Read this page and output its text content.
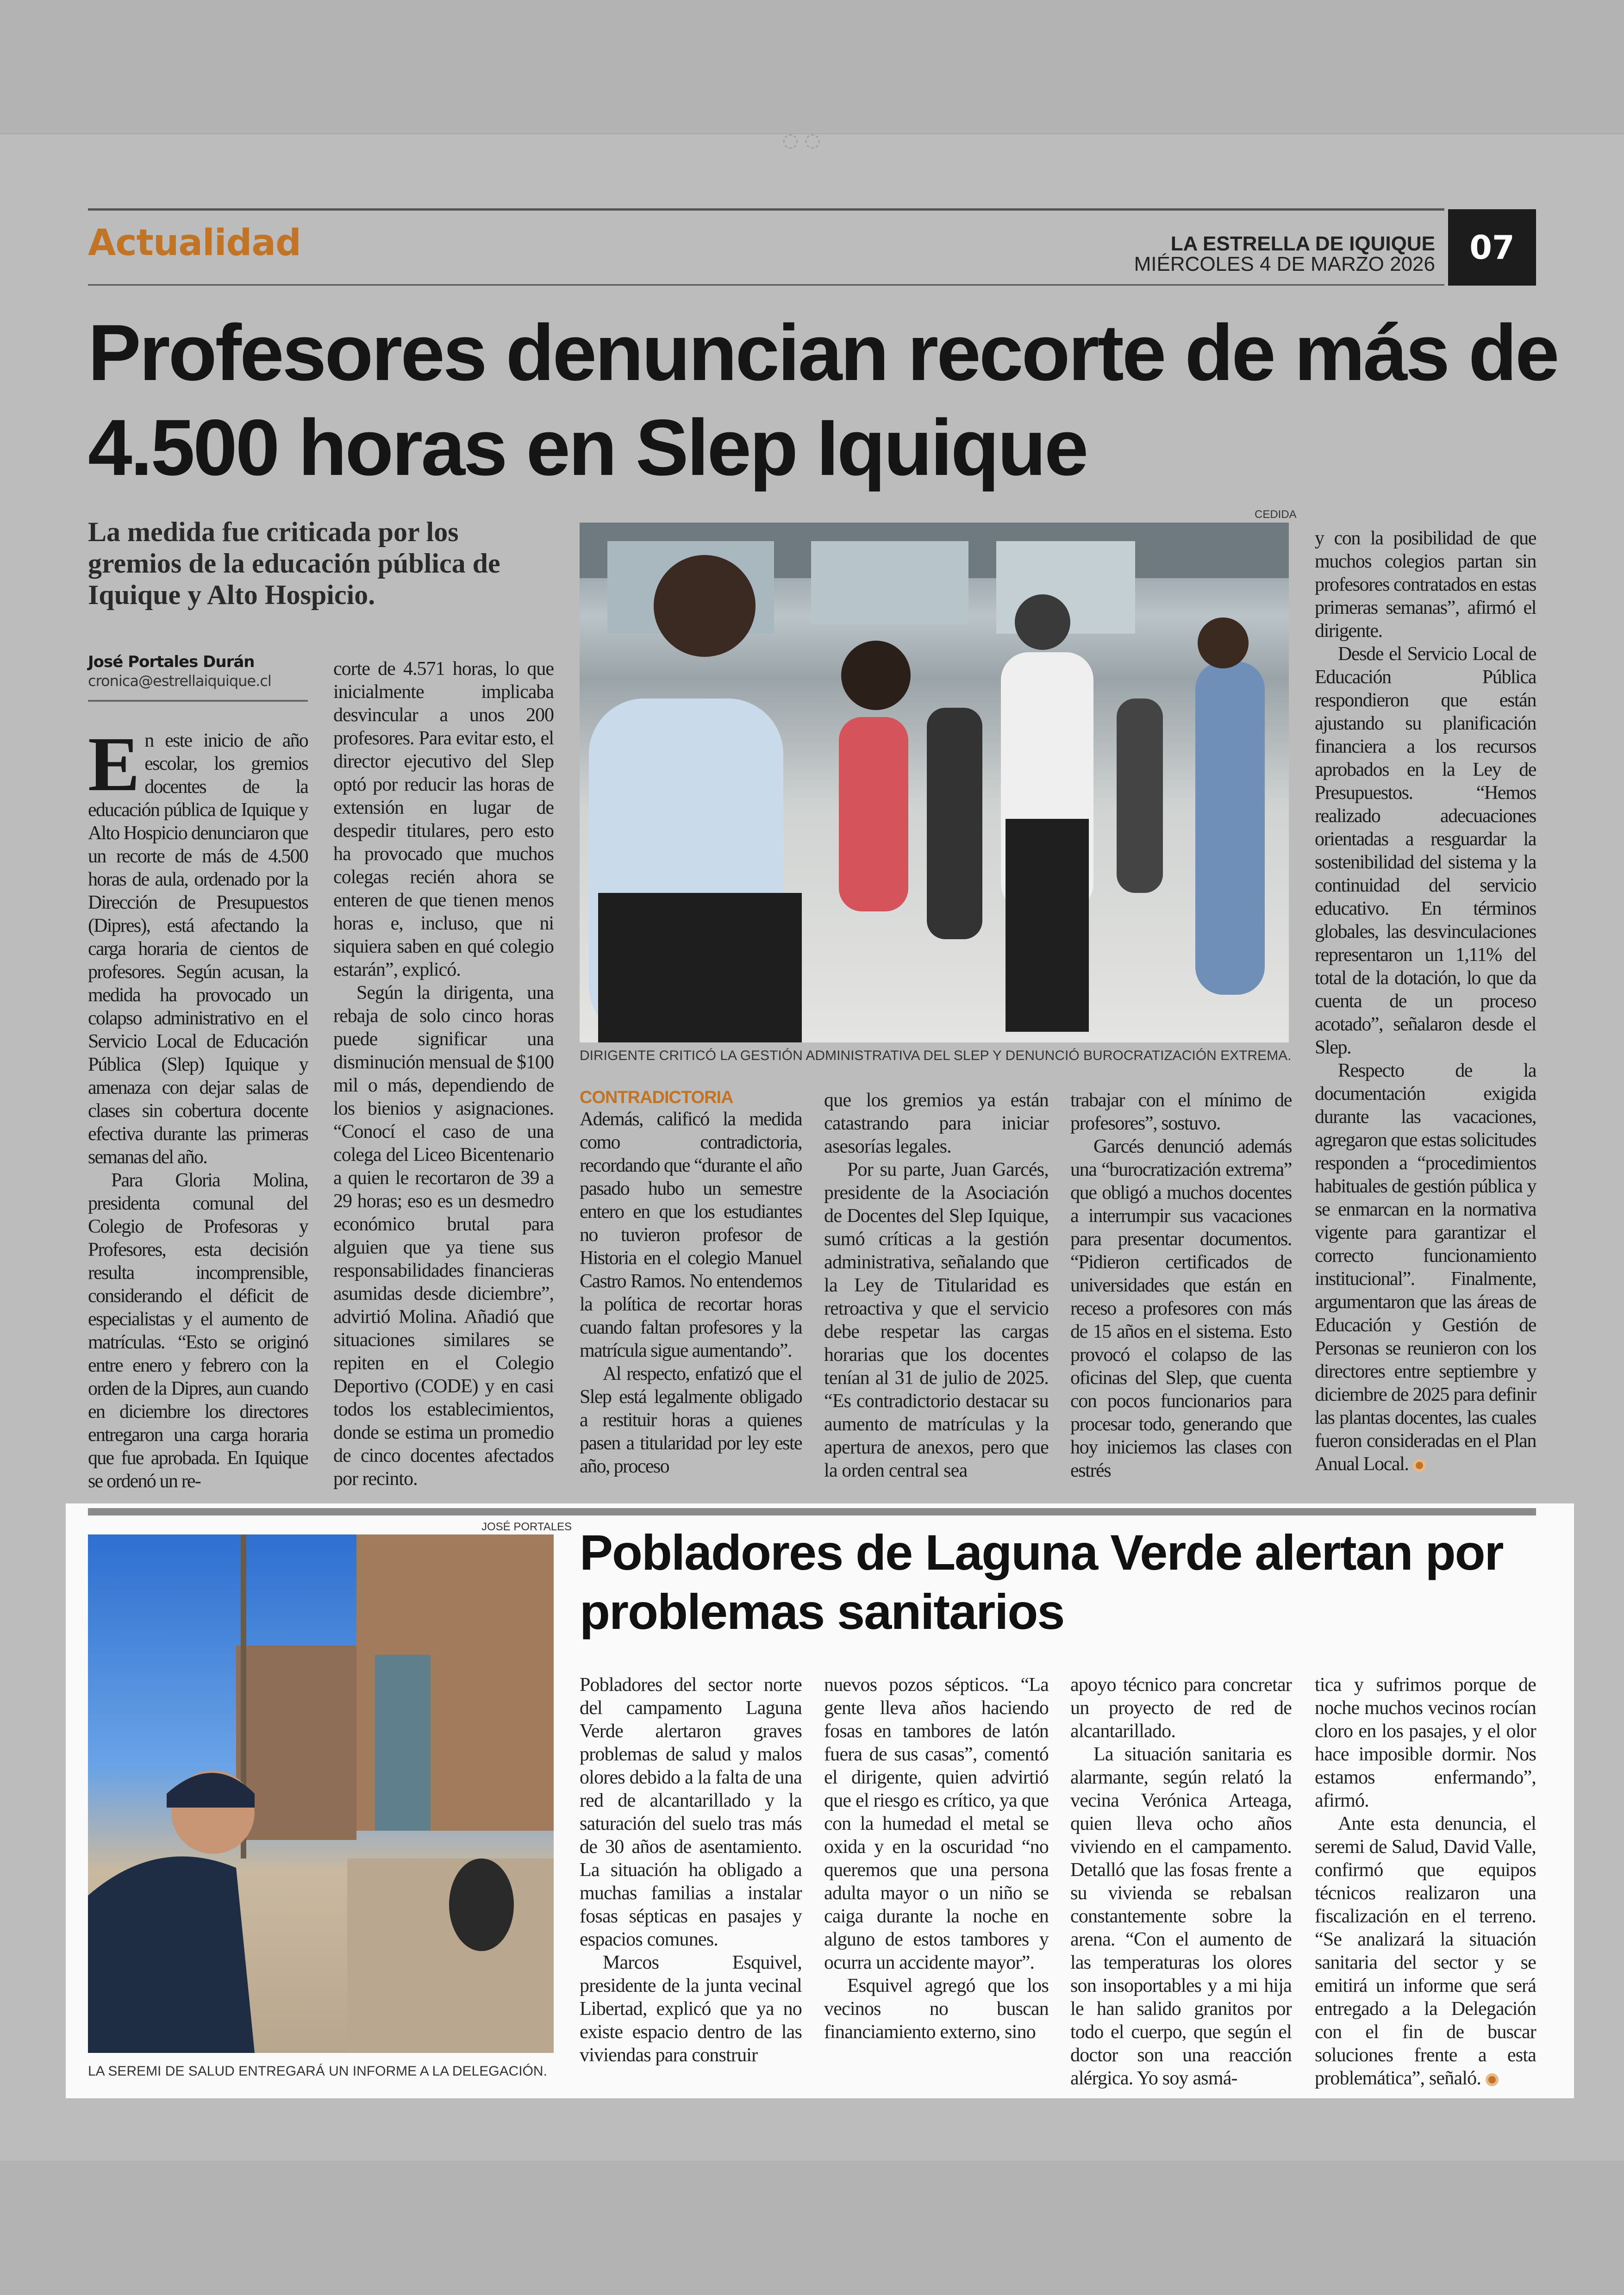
◌ ◌
Actualidad	LA ESTRELLA DE IQUIQUE
MIÉRCOLES 4 DE MARZO 2026	07
Profesores denuncian recorte de más de 4.500 horas en Slep Iquique
La medida fue criticada por los gremios de la educación pública de Iquique y Alto Hospicio.
José Portales Durán
cronica@estrellaiquique.cl
CEDIDA
DIRIGENTE CRITICÓ LA GESTIÓN ADMINISTRATIVA DEL SLEP Y DENUNCIÓ BUROCRATIZACIÓN EXTREMA.

En este inicio de año escolar, los gremios docentes de la educación pública de Iquique y Alto Hospicio denunciaron que un recorte de más de 4.500 horas de aula, ordenado por la Dirección de Presupuestos (Dipres), está afectando la carga horaria de cientos de profesores. Según acusan, la medida ha provocado un colapso administrativo en el Servicio Local de Educación Pública (Slep) Iquique y amenaza con dejar salas de clases sin cobertura docente efectiva durante las primeras semanas del año.

Para Gloria Molina, presidenta comunal del Colegio de Profesoras y Profesores, esta decisión resulta incomprensible, considerando el déficit de especialistas y el aumento de matrículas. “Esto se originó entre enero y febrero con la orden de la Dipres, aun cuando en diciembre los directores entregaron una carga horaria que fue aprobada. En Iquique se ordenó un re-

corte de 4.571 horas, lo que inicialmente implicaba desvincular a unos 200 profesores. Para evitar esto, el director ejecutivo del Slep optó por reducir las horas de extensión en lugar de despedir titulares, pero esto ha provocado que muchos colegas recién ahora se enteren de que tienen menos horas e, incluso, que ni siquiera saben en qué colegio estarán”, explicó.

Según la dirigenta, una rebaja de solo cinco horas puede significar una disminución mensual de $100 mil o más, dependiendo de los bienios y asignaciones. “Conocí el caso de una colega del Liceo Bicentenario a quien le recortaron de 39 a 29 horas; eso es un desmedro económico brutal para alguien que ya tiene sus responsabilidades financieras asumidas desde diciembre”, advirtió Molina. Añadió que situaciones similares se repiten en el Colegio Deportivo (CODE) y en casi todos los establecimientos, donde se estima un promedio de cinco docentes afectados por recinto.

CONTRADICTORIA

Además, calificó la medida como contradictoria, recordando que “durante el año pasado hubo un semestre entero en que los estudiantes no tuvieron profesor de Historia en el colegio Manuel Castro Ramos. No entendemos la política de recortar horas cuando faltan profesores y la matrícula sigue aumentando”.

Al respecto, enfatizó que el Slep está legalmente obligado a restituir horas a quienes pasen a titularidad por ley este año, proceso

que los gremios ya están catastrando para iniciar asesorías legales.

Por su parte, Juan Garcés, presidente de la Asociación de Docentes del Slep Iquique, sumó críticas a la gestión administrativa, señalando que la Ley de Titularidad es retroactiva y que el servicio debe respetar las cargas horarias que los docentes tenían al 31 de julio de 2025. “Es contradictorio destacar su aumento de matrículas y la apertura de anexos, pero que la orden central sea

trabajar con el mínimo de profesores”, sostuvo.

Garcés denunció además una “burocratización extrema” que obligó a muchos docentes a interrumpir sus vacaciones para presentar documentos. “Pidieron certificados de universidades que están en receso a profesores con más de 15 años en el sistema. Esto provocó el colapso de las oficinas del Slep, que cuenta con pocos funcionarios para procesar todo, generando que hoy iniciemos las clases con estrés

y con la posibilidad de que muchos colegios partan sin profesores contratados en estas primeras semanas”, afirmó el dirigente.

Desde el Servicio Local de Educación Pública respondieron que están ajustando su planificación financiera a los recursos aprobados en la Ley de Presupuestos. “Hemos realizado adecuaciones orientadas a resguardar la sostenibilidad del sistema y la continuidad del servicio educativo. En términos globales, las desvinculaciones representaron un 1,11% del total de la dotación, lo que da cuenta de un proceso acotado”, señalaron desde el Slep.

Respecto de la documentación exigida durante las vacaciones, agregaron que estas solicitudes responden a “procedimientos habituales de gestión pública y se enmarcan en la normativa vigente para garantizar el correcto funcionamiento institucional”. Finalmente, argumentaron que las áreas de Educación y Gestión de Personas se reunieron con los directores entre septiembre y diciembre de 2025 para definir las plantas docentes, las cuales fueron consideradas en el Plan Anual Local.

JOSÉ PORTALES
LA SEREMI DE SALUD ENTREGARÁ UN INFORME A LA DELEGACIÓN.
Pobladores de Laguna Verde alertan por problemas sanitarios

Pobladores del sector norte del campamento Laguna Verde alertaron graves problemas de salud y malos olores debido a la falta de una red de alcantarillado y la saturación del suelo tras más de 30 años de asentamiento. La situación ha obligado a muchas familias a instalar fosas sépticas en pasajes y espacios comunes.

Marcos Esquivel, presidente de la junta vecinal Libertad, explicó que ya no existe espacio dentro de las viviendas para construir

nuevos pozos sépticos. “La gente lleva años haciendo fosas en tambores de latón fuera de sus casas”, comentó el dirigente, quien advirtió que el riesgo es crítico, ya que con la humedad el metal se oxida y en la oscuridad “no queremos que una persona adulta mayor o un niño se caiga durante la noche en alguno de estos tambores y ocurra un accidente mayor”.

Esquivel agregó que los vecinos no buscan financiamiento externo, sino

apoyo técnico para concretar un proyecto de red de alcantarillado.

La situación sanitaria es alarmante, según relató la vecina Verónica Arteaga, quien lleva ocho años viviendo en el campamento. Detalló que las fosas frente a su vivienda se rebalsan constantemente sobre la arena. “Con el aumento de las temperaturas los olores son insoportables y a mi hija le han salido granitos por todo el cuerpo, que según el doctor son una reacción alérgica. Yo soy asmá-

tica y sufrimos porque de noche muchos vecinos rocían cloro en los pasajes, y el olor hace imposible dormir. Nos estamos enfermando”, afirmó.

Ante esta denuncia, el seremi de Salud, David Valle, confirmó que equipos técnicos realizaron una fiscalización en el terreno. “Se analizará la situación sanitaria del sector y se emitirá un informe que será entregado a la Delegación con el fin de buscar soluciones frente a esta problemática”, señaló.
